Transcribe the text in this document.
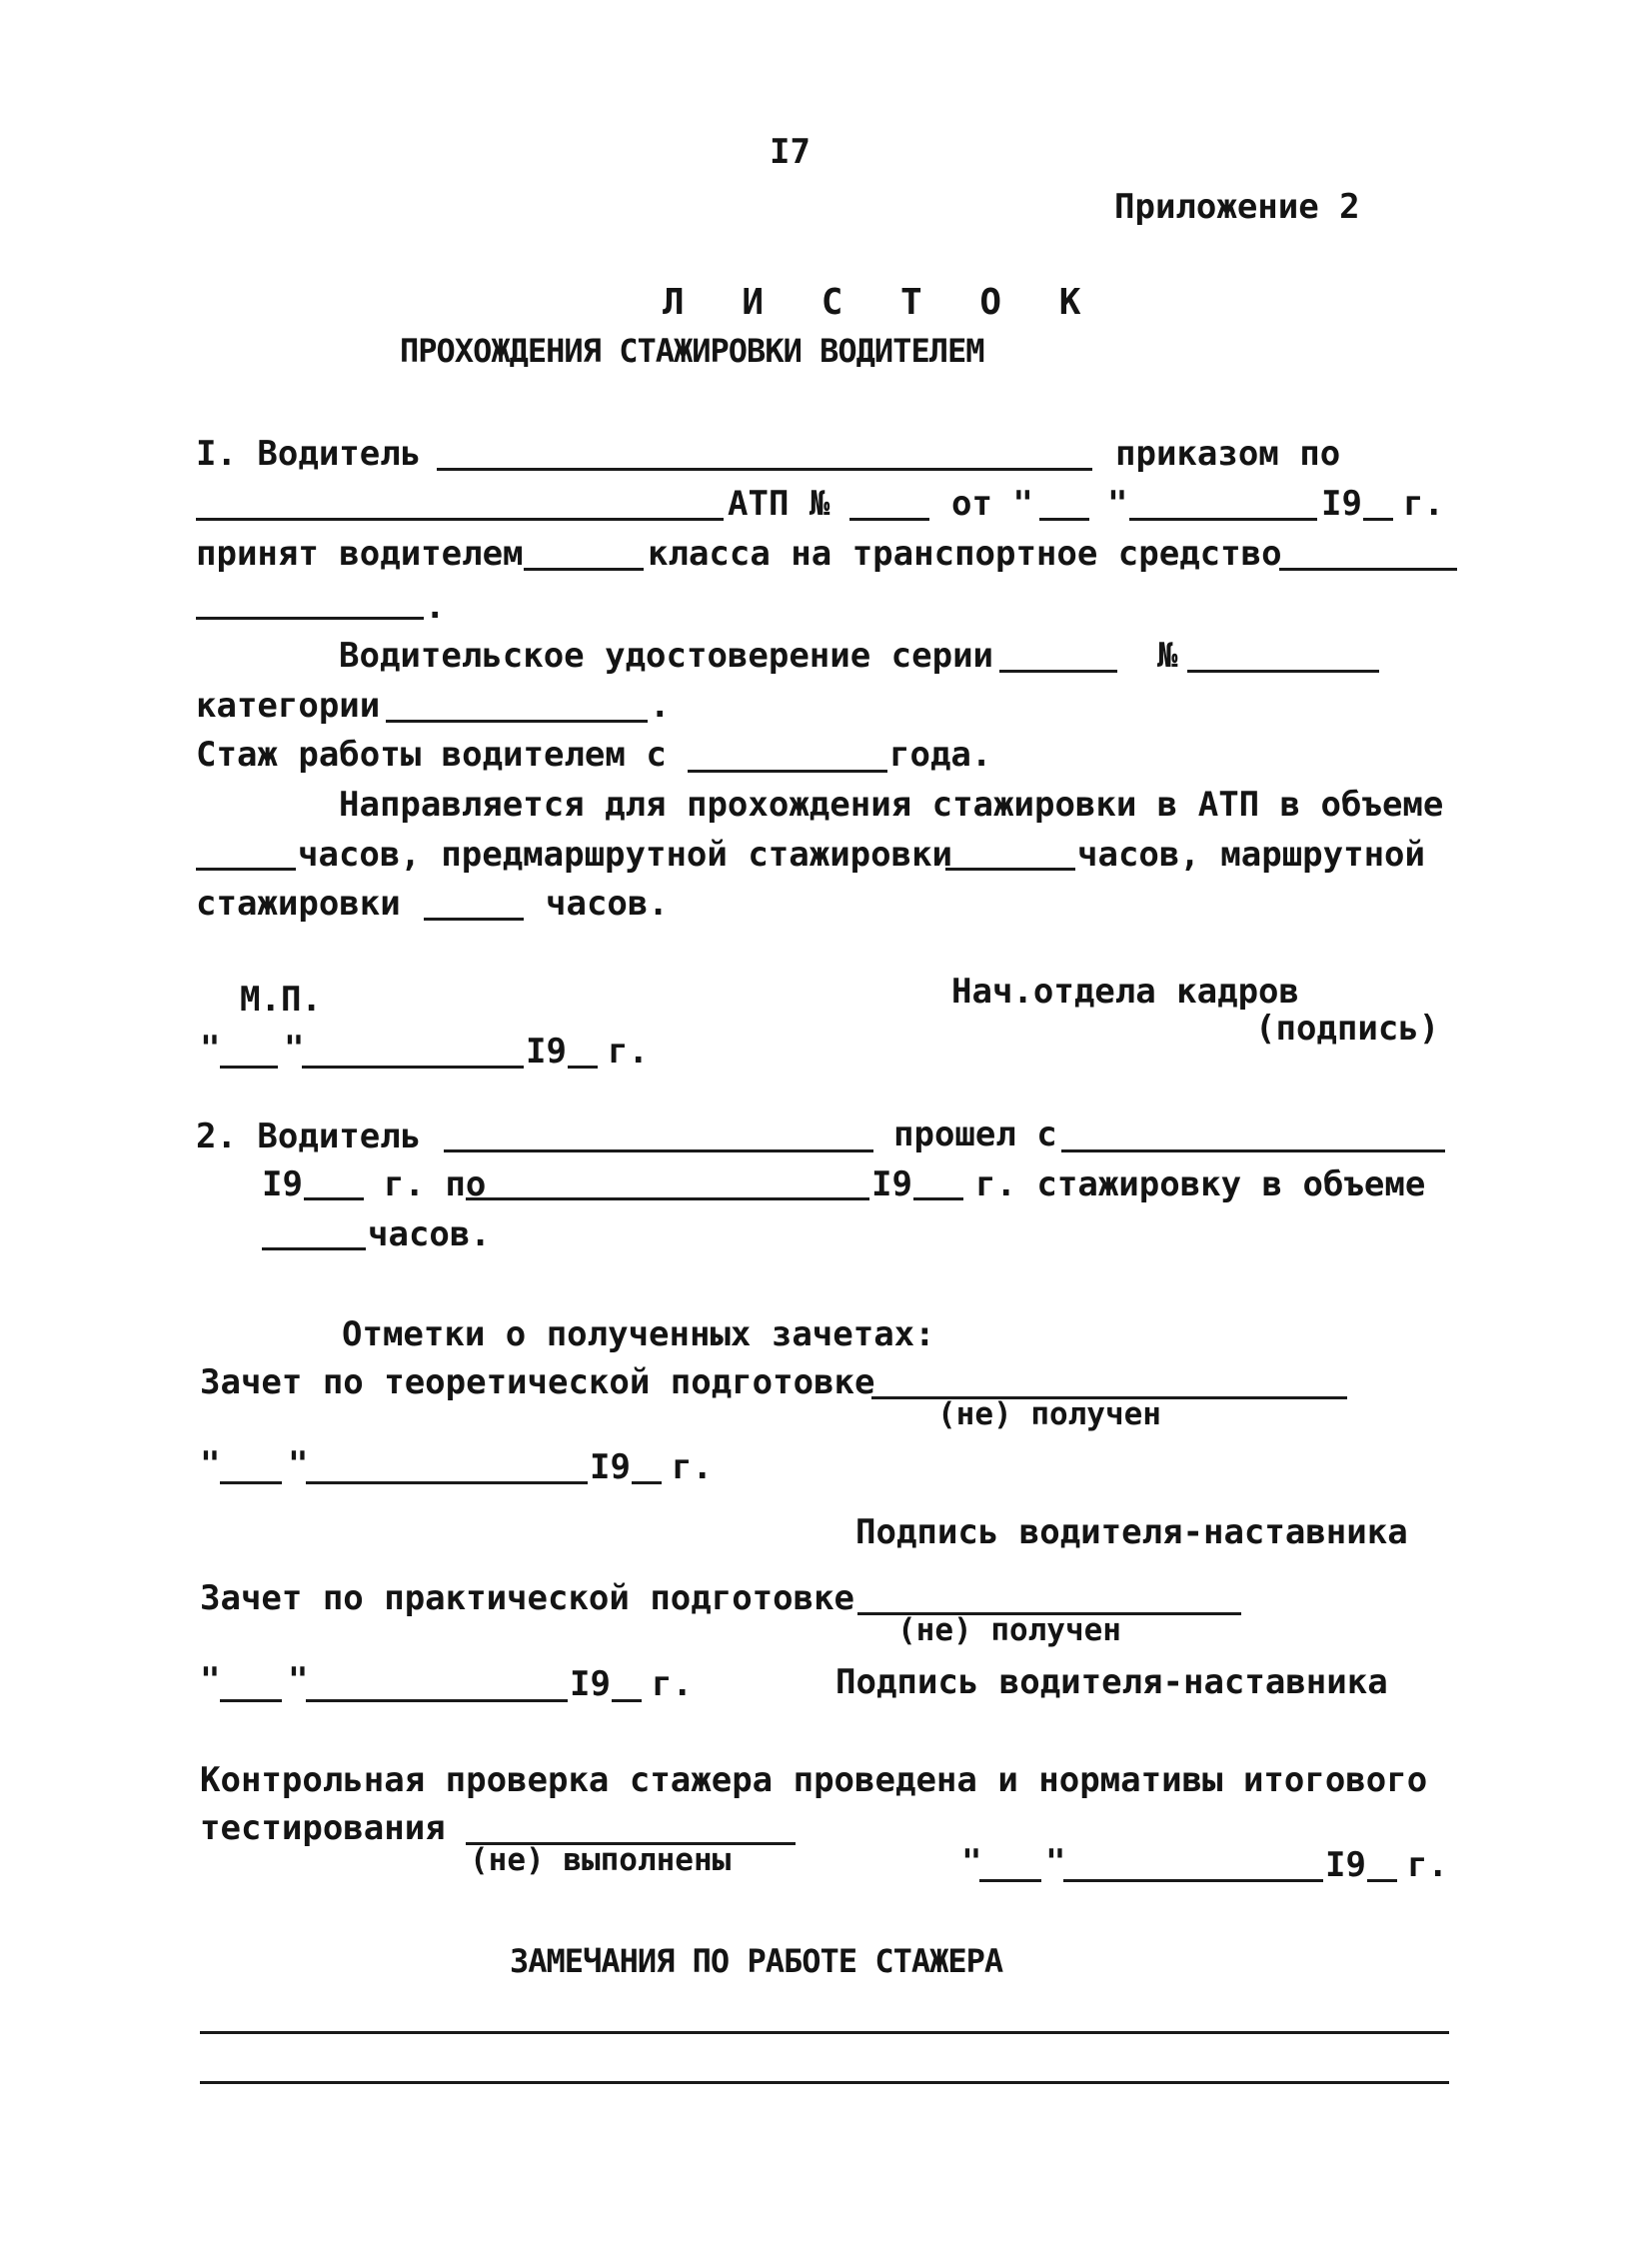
I7
Приложение 2
Л И С Т О К
ПРОХОЖДЕНИЯ СТАЖИРОВКИ ВОДИТЕЛЕМ
I. Водитель	приказом по
АТП №	от " "	I9 г.
принят водителем	класса на транспортное средство
.
Водительское удостоверение серии	№
категории	.
Стаж работы водителем с	года.
Направляется для прохождения стажировки в АТП в объеме
часов, предмаршрутной стажировки	часов, маршрутной
стажировки	часов.
М.П.	Нач.отдела кадров
(подпись)
" "	I9 г.
2. Водитель	прошел с
I9 г. по	I9 г. стажировку в объеме
часов.
Отметки о полученных зачетах:
Зачет по теоретической подготовке
(не) получен
" "	I9 г.
Подпись водителя-наставника
Зачет по практической подготовке
(не) получен
" "	I9 г.	Подпись водителя-наставника
Контрольная проверка стажера проведена и нормативы итогового
тестирования
(не) выполнены	" "	I9 г.
ЗАМЕЧАНИЯ ПО РАБОТЕ СТАЖЕРА
